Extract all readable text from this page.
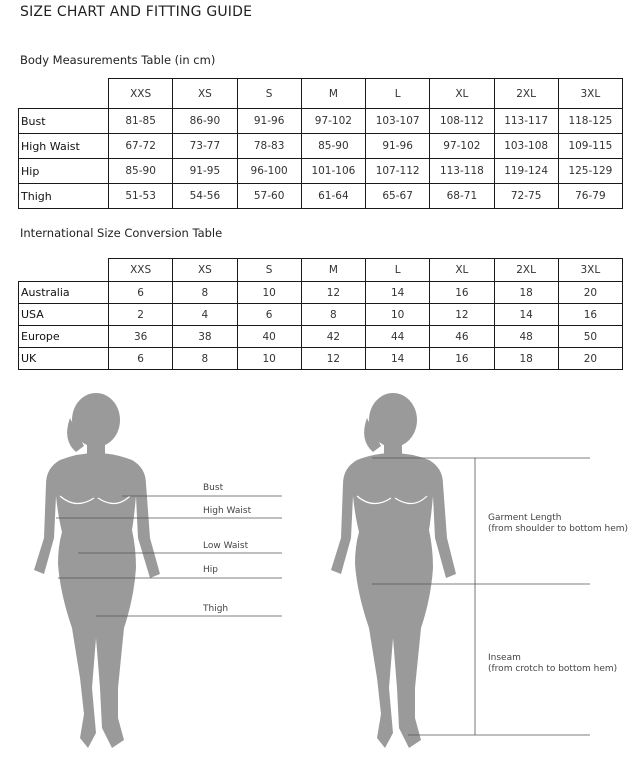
SIZE CHART AND FITTING GUIDE
Body Measurements Table (in cm)
	XXS	XS	S	M	L	XL	2XL	3XL
Bust	81-85	86-90	91-96	97-102	103-107	108-112	113-117	118-125
High Waist	67-72	73-77	78-83	85-90	91-96	97-102	103-108	109-115
Hip	85-90	91-95	96-100	101-106	107-112	113-118	119-124	125-129
Thigh	51-53	54-56	57-60	61-64	65-67	68-71	72-75	76-79
International Size Conversion Table
	XXS	XS	S	M	L	XL	2XL	3XL
Australia	6	8	10	12	14	16	18	20
USA	2	4	6	8	10	12	14	16
Europe	36	38	40	42	44	46	48	50
UK	6	8	10	12	14	16	18	20
Bust
High Waist
Low Waist
Hip
Thigh
Garment Length
(from shoulder to bottom hem)
Inseam
(from crotch to bottom hem)
